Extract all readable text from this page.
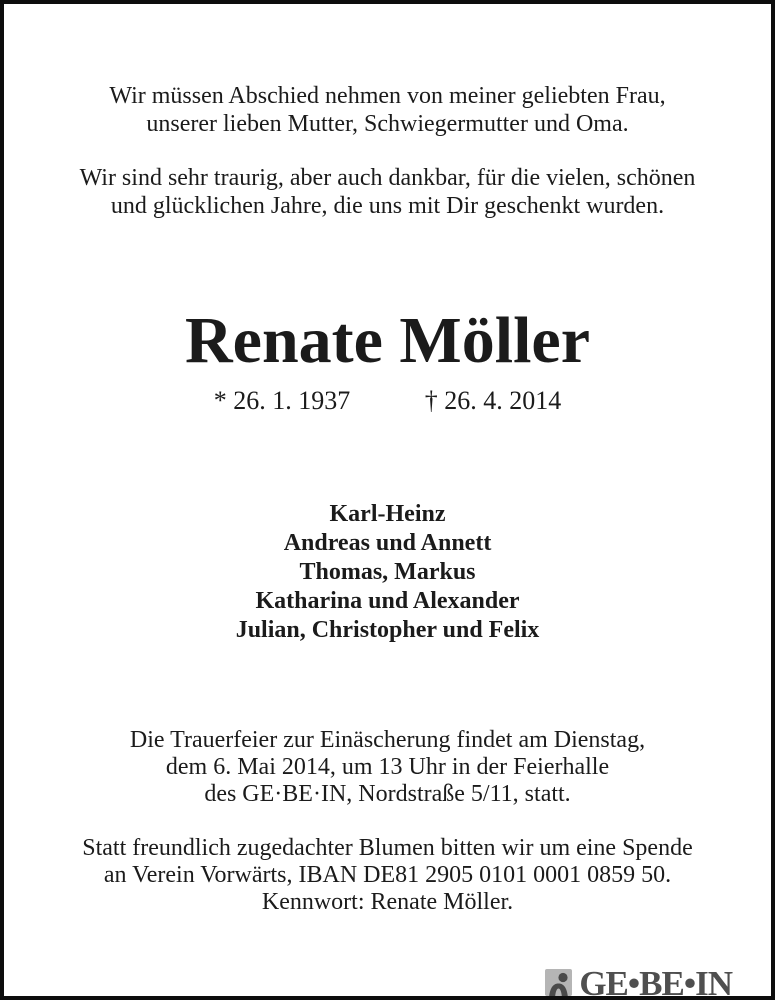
Wir müssen Abschied nehmen von meiner geliebten Frau,
unserer lieben Mutter, Schwiegermutter und Oma.

Wir sind sehr traurig, aber auch dankbar, für die vielen, schönen
und glücklichen Jahre, die uns mit Dir geschenkt wurden.

Renate Möller

* 26. 1. 1937	† 26. 4. 2014

Karl-Heinz
Andreas und Annett
Thomas, Markus
Katharina und Alexander
Julian, Christopher und Felix

Die Trauerfeier zur Einäscherung findet am Dienstag,
dem 6. Mai 2014, um 13 Uhr in der Feierhalle
des GE·BE·IN, Nordstraße 5/11, statt.

Statt freundlich zugedachter Blumen bitten wir um eine Spende
an Verein Vorwärts, IBAN DE81 2905 0101 0001 0859 50.
Kennwort: Renate Möller.

GE•BE•IN
